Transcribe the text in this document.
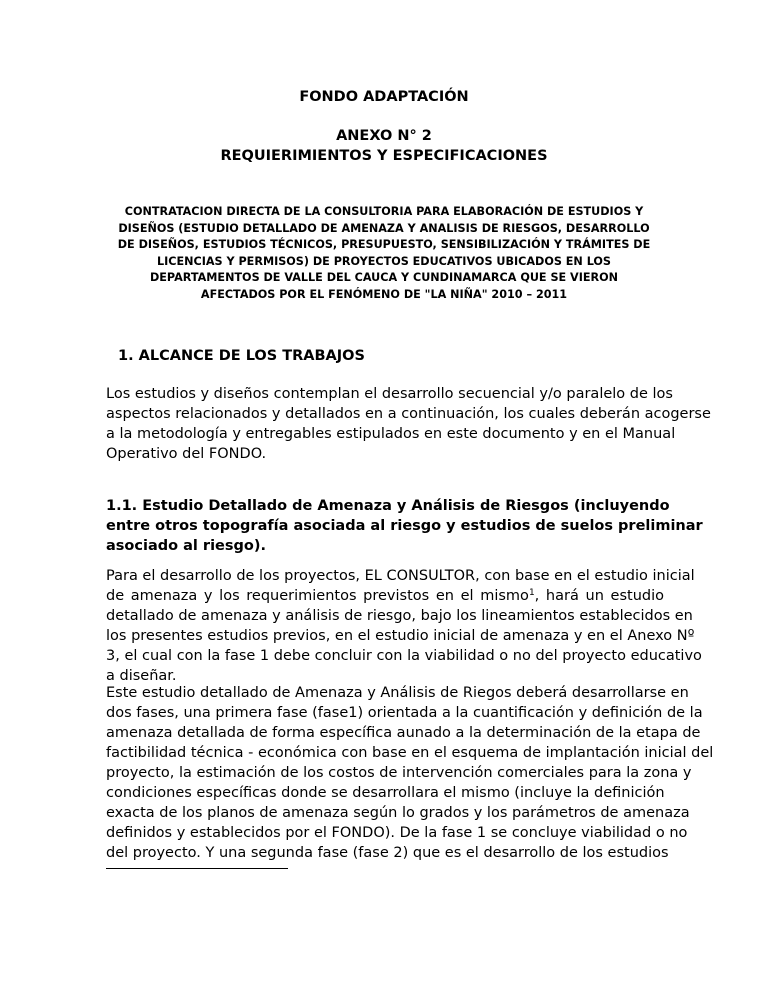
FONDO ADAPTACIÓN

ANEXO N° 2

REQUIERIMIENTOS Y ESPECIFICACIONES

CONTRATACION DIRECTA DE LA CONSULTORIA PARA ELABORACIÓN DE ESTUDIOS Y
DISEÑOS (ESTUDIO DETALLADO DE AMENAZA Y ANALISIS DE RIESGOS, DESARROLLO
DE DISEÑOS, ESTUDIOS TÉCNICOS, PRESUPUESTO, SENSIBILIZACIÓN Y TRÁMITES DE
LICENCIAS Y PERMISOS) DE PROYECTOS EDUCATIVOS UBICADOS EN LOS
DEPARTAMENTOS DE VALLE DEL CAUCA Y CUNDINAMARCA QUE SE VIERON
AFECTADOS POR EL FENÓMENO DE "LA NIÑA" 2010 – 2011

1. ALCANCE DE LOS TRABAJOS

Los estudios y diseños contemplan el desarrollo secuencial y/o paralelo de los
aspectos relacionados y detallados en a continuación, los cuales deberán acogerse
a la metodología y entregables estipulados en este documento y en el Manual
Operativo del FONDO.
1.1. Estudio Detallado de Amenaza y Análisis de Riesgos (incluyendo
entre otros topografía asociada al riesgo y estudios de suelos preliminar
asociado al riesgo).
Para el desarrollo de los proyectos, EL CONSULTOR, con base en el estudio inicial
de amenaza y los requerimientos previstos en el mismo$^1$, hará un estudio
detallado de amenaza y análisis de riesgo, bajo los lineamientos establecidos en
los presentes estudios previos, en el estudio inicial de amenaza y en el Anexo Nº
3, el cual con la fase 1 debe concluir con la viabilidad o no del proyecto educativo
a diseñar.
Este estudio detallado de Amenaza y Análisis de Riegos deberá desarrollarse en
dos fases, una primera fase (fase1) orientada a la cuantificación y definición de la
amenaza detallada de forma específica aunado a la determinación de la etapa de
factibilidad técnica - económica con base en el esquema de implantación inicial del
proyecto, la estimación de los costos de intervención comerciales para la zona y
condiciones específicas donde se desarrollara el mismo (incluye la definición
exacta de los planos de amenaza según lo grados y los parámetros de amenaza
definidos y establecidos por el FONDO). De la fase 1 se concluye viabilidad o no
del proyecto. Y una segunda fase (fase 2) que es el desarrollo de los estudios
